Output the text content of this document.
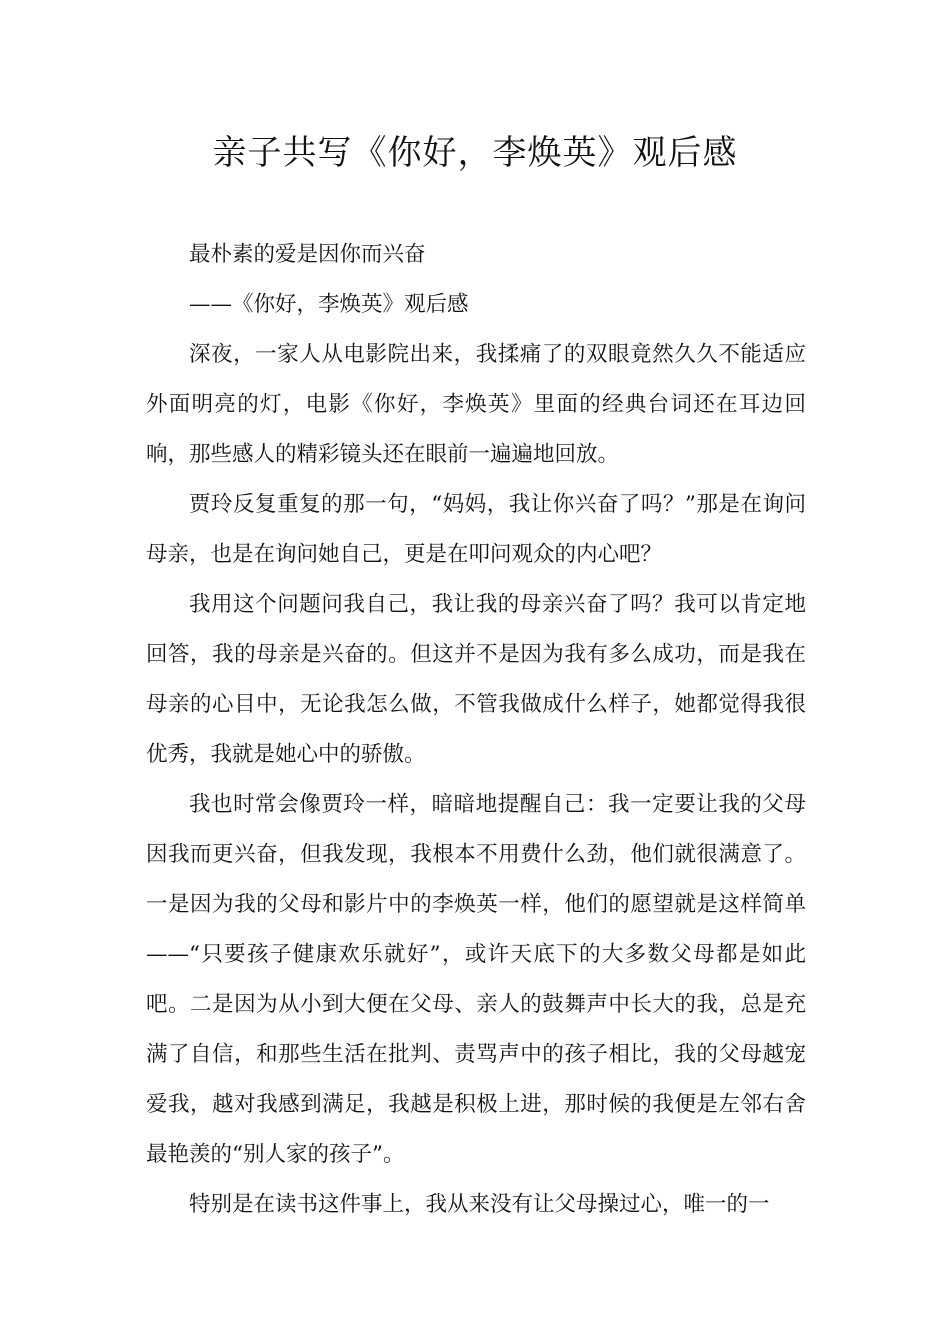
亲子共写《你好，李焕英》观后感

最朴素的爱是因你而兴奋

——《你好，李焕英》观后感

深夜，一家人从电影院出来，我揉痛了的双眼竟然久久不能适应外面明亮的灯，电影《你好，李焕英》里面的经典台词还在耳边回响，那些感人的精彩镜头还在眼前一遍遍地回放。

贾玲反复重复的那一句，“妈妈，我让你兴奋了吗？”那是在询问母亲，也是在询问她自己，更是在叩问观众的内心吧？

我用这个问题问我自己，我让我的母亲兴奋了吗？我可以肯定地回答，我的母亲是兴奋的。但这并不是因为我有多么成功，而是我在母亲的心目中，无论我怎么做，不管我做成什么样子，她都觉得我很优秀，我就是她心中的骄傲。

我也时常会像贾玲一样，暗暗地提醒自己：我一定要让我的父母因我而更兴奋，但我发现，我根本不用费什么劲，他们就很满意了。一是因为我的父母和影片中的李焕英一样，他们的愿望就是这样简单——“只要孩子健康欢乐就好”，或许天底下的大多数父母都是如此吧。二是因为从小到大便在父母、亲人的鼓舞声中长大的我，总是充满了自信，和那些生活在批判、责骂声中的孩子相比，我的父母越宠爱我，越对我感到满足，我越是积极上进，那时候的我便是左邻右舍最艳羡的“别人家的孩子”。

特别是在读书这件事上，我从来没有让父母操过心，唯一的一
